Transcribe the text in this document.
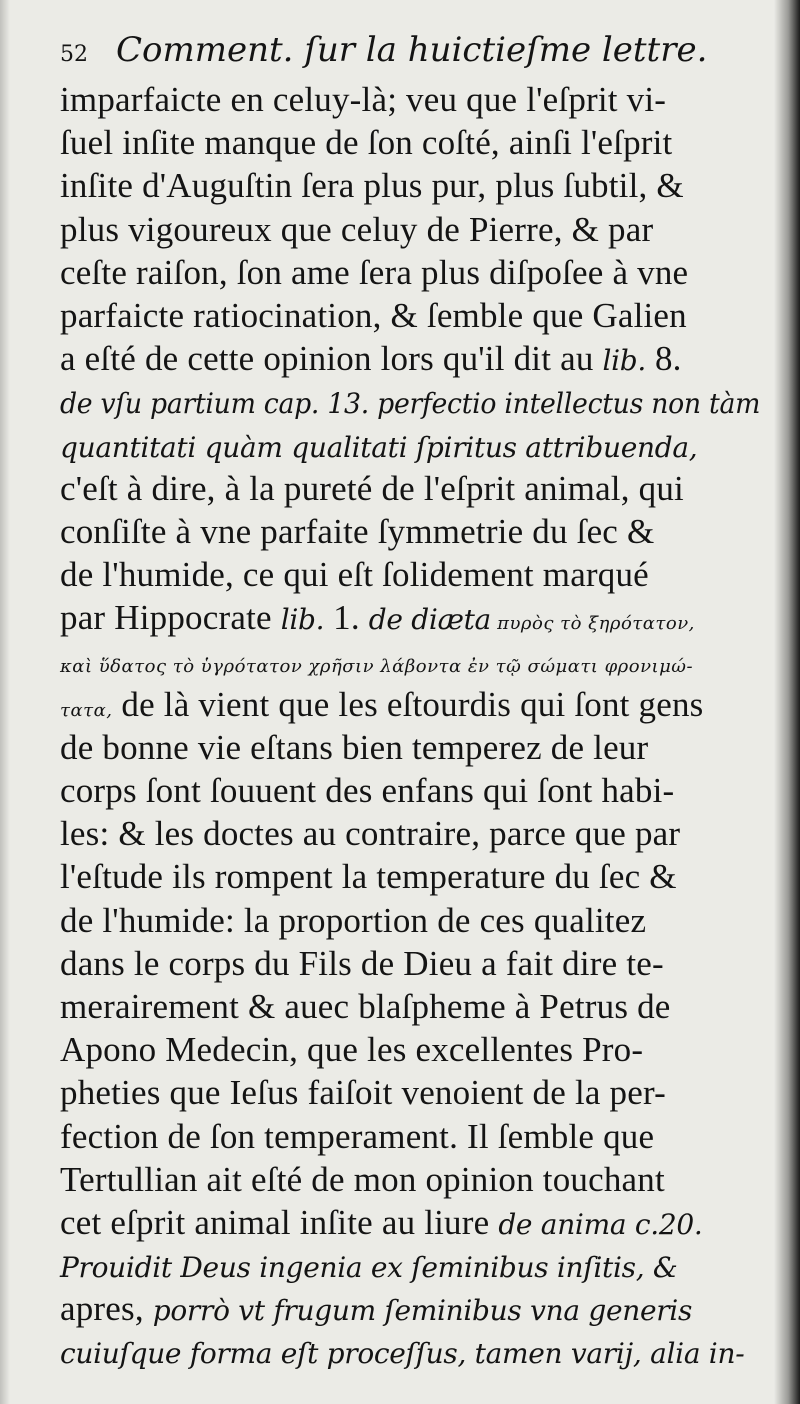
52 Comment. ſur la huictieſme lettre.
imparfaicte en celuy-là; veu que l'eſprit vi-
ſuel inſite manque de ſon coſté, ainſi l'eſprit
inſite d'Auguſtin ſera plus pur, plus ſubtil, &
plus vigoureux que celuy de Pierre, & par
ceſte raiſon, ſon ame ſera plus diſpoſee à vne
parfaicte ratiocination, & ſemble que Galien
a eſté de cette opinion lors qu'il dit au lib. 8.
de vſu partium cap. 13. perfectio intellectus non tàm
quantitati quàm qualitati ſpiritus attribuenda,
c'eſt à dire, à la pureté de l'eſprit animal, qui
conſiſte à vne parfaite ſymmetrie du ſec &
de l'humide, ce qui eſt ſolidement marqué
par Hippocrate lib. 1. de diæta πυρὸς τὸ ξηρότατον,
καὶ ὕδατος τὸ ὑγρότατον χρῆσιν λάβοντα ἐν τῷ σώματι φρονιμώ-
τατα, de là vient que les eſtourdis qui ſont gens
de bonne vie eſtans bien temperez de leur
corps ſont ſouuent des enfans qui ſont habi-
les: & les doctes au contraire, parce que par
l'eſtude ils rompent la temperature du ſec &
de l'humide: la proportion de ces qualitez
dans le corps du Fils de Dieu a fait dire te-
merairement & auec blaſpheme à Petrus de
Apono Medecin, que les excellentes Pro-
pheties que Ieſus faiſoit venoient de la per-
fection de ſon temperament. Il ſemble que
Tertullian ait eſté de mon opinion touchant
cet eſprit animal inſite au liure de anima c.20.
Prouidit Deus ingenia ex ſeminibus inſitis, &
apres, porrò vt frugum ſeminibus vna generis
cuiuſque forma eſt proceſſus, tamen varij, alia in-
